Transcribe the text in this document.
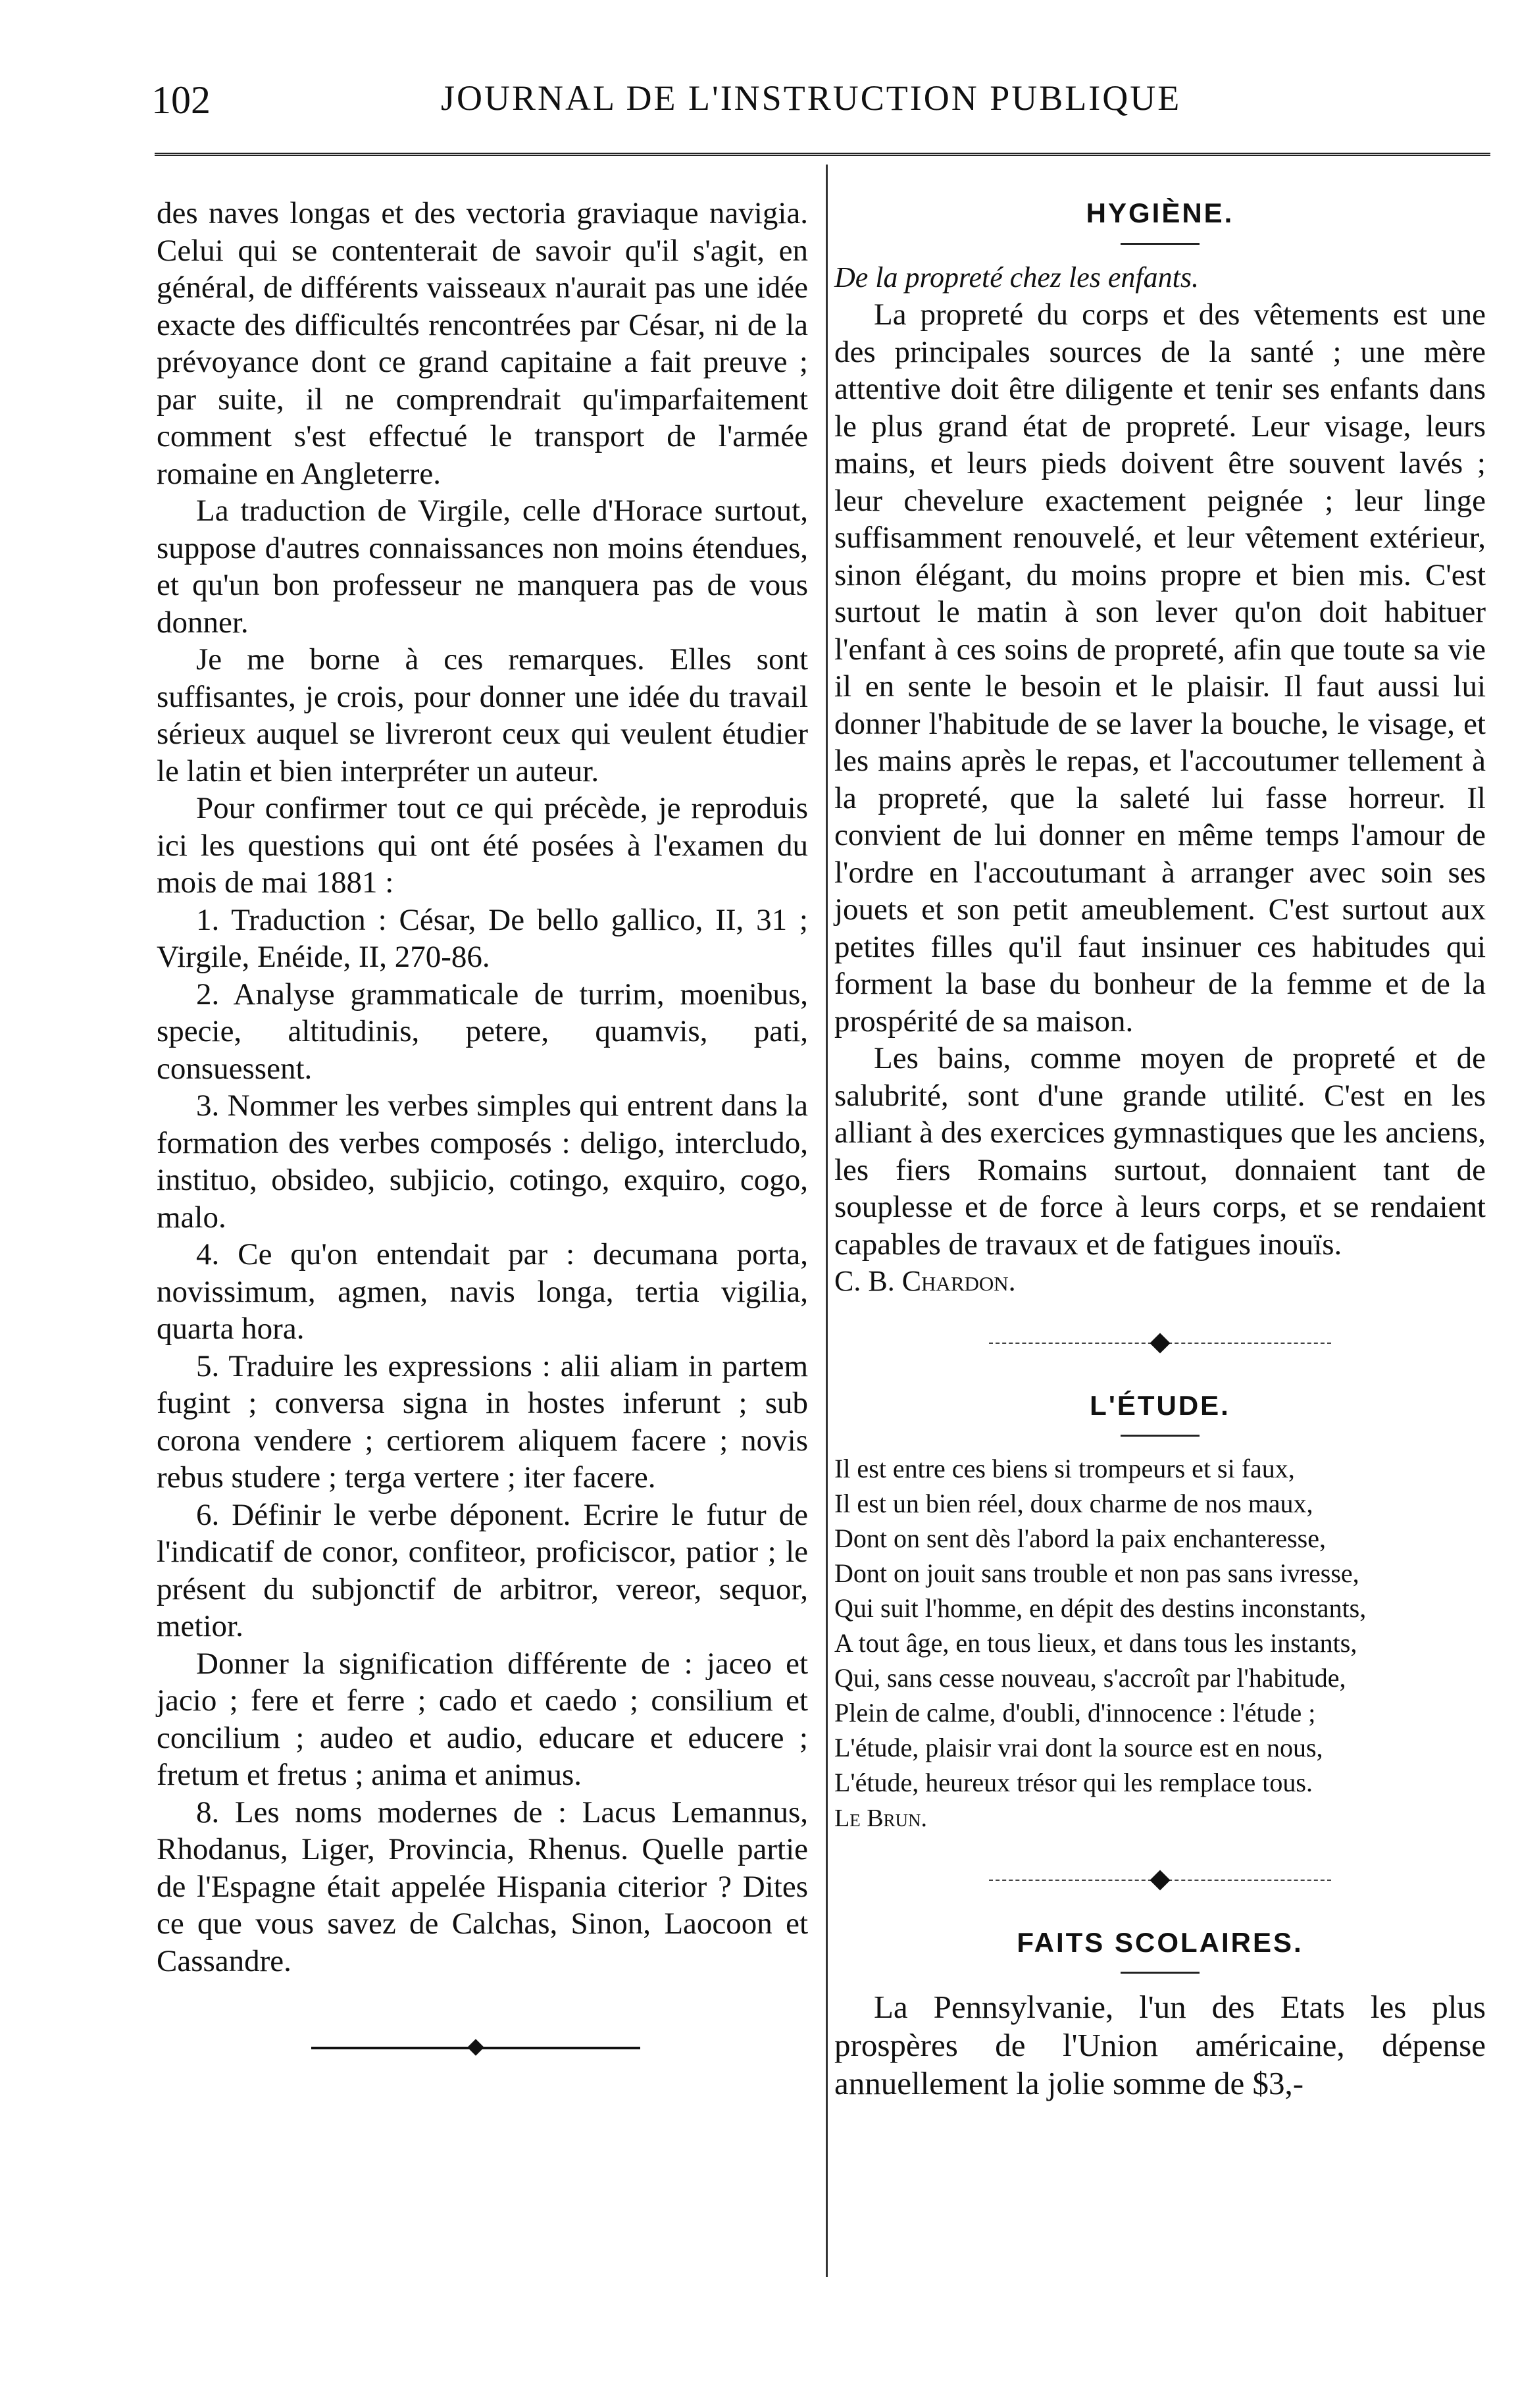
102	JOURNAL DE L'INSTRUCTION PUBLIQUE

des naves longas et des vectoria graviaque navigia. Celui qui se contenterait de savoir qu'il s'agit, en général, de différents vaisseaux n'aurait pas une idée exacte des difficultés rencontrées par César, ni de la prévoyance dont ce grand capitaine a fait preuve ; par suite, il ne comprendrait qu'imparfaitement comment s'est effectué le transport de l'armée romaine en Angleterre.

La traduction de Virgile, celle d'Horace surtout, suppose d'autres connaissances non moins étendues, et qu'un bon professeur ne manquera pas de vous donner.

Je me borne à ces remarques. Elles sont suffisantes, je crois, pour donner une idée du travail sérieux auquel se livreront ceux qui veulent étudier le latin et bien interpréter un auteur.

Pour confirmer tout ce qui précède, je reproduis ici les questions qui ont été posées à l'examen du mois de mai 1881 :

1. Traduction : César, De bello gallico, II, 31 ; Virgile, Enéide, II, 270-86.

2. Analyse grammaticale de turrim, moenibus, specie, altitudinis, petere, quamvis, pati, consuessent.

3. Nommer les verbes simples qui entrent dans la formation des verbes composés : deligo, intercludo, instituo, obsideo, subjicio, cotingo, exquiro, cogo, malo.

4. Ce qu'on entendait par : decumana porta, novissimum, agmen, navis longa, tertia vigilia, quarta hora.

5. Traduire les expressions : alii aliam in partem fugint ; conversa signa in hostes inferunt ; sub corona vendere ; certiorem aliquem facere ; novis rebus studere ; terga vertere ; iter facere.

6. Définir le verbe déponent. Ecrire le futur de l'indicatif de conor, confiteor, proficiscor, patior ; le présent du subjonctif de arbitror, vereor, sequor, metior.

Donner la signification différente de : jaceo et jacio ; fere et ferre ; cado et caedo ; consilium et concilium ; audeo et audio, educare et educere ; fretum et fretus ; anima et animus.

8. Les noms modernes de : Lacus Lemannus, Rhodanus, Liger, Provincia, Rhenus. Quelle partie de l'Espagne était appelée Hispania citerior ? Dites ce que vous savez de Calchas, Sinon, Laocoon et Cassandre.

HYGIÈNE.

De la propreté chez les enfants.

La propreté du corps et des vêtements est une des principales sources de la santé ; une mère attentive doit être diligente et tenir ses enfants dans le plus grand état de propreté. Leur visage, leurs mains, et leurs pieds doivent être souvent lavés ; leur chevelure exactement peignée ; leur linge suffisamment renouvelé, et leur vêtement extérieur, sinon élégant, du moins propre et bien mis. C'est surtout le matin à son lever qu'on doit habituer l'enfant à ces soins de propreté, afin que toute sa vie il en sente le besoin et le plaisir. Il faut aussi lui donner l'habitude de se laver la bouche, le visage, et les mains après le repas, et l'accoutumer tellement à la propreté, que la saleté lui fasse horreur. Il convient de lui donner en même temps l'amour de l'ordre en l'accoutumant à arranger avec soin ses jouets et son petit ameublement. C'est surtout aux petites filles qu'il faut insinuer ces habitudes qui forment la base du bonheur de la femme et de la prospérité de sa maison.

Les bains, comme moyen de propreté et de salubrité, sont d'une grande utilité. C'est en les alliant à des exercices gymnastiques que les anciens, les fiers Romains surtout, donnaient tant de souplesse et de force à leurs corps, et se rendaient capables de travaux et de fatigues inouïs.

C. B. Chardon.

L'ÉTUDE.

Il est entre ces biens si trompeurs et si faux,

Il est un bien réel, doux charme de nos maux,

Dont on sent dès l'abord la paix enchanteresse,

Dont on jouit sans trouble et non pas sans ivresse,

Qui suit l'homme, en dépit des destins inconstants,

A tout âge, en tous lieux, et dans tous les instants,

Qui, sans cesse nouveau, s'accroît par l'habitude,

Plein de calme, d'oubli, d'innocence : l'étude ;

L'étude, plaisir vrai dont la source est en nous,

L'étude, heureux trésor qui les remplace tous.

Le Brun.

FAITS SCOLAIRES.

La Pennsylvanie, l'un des Etats les plus prospères de l'Union américaine, dépense annuellement la jolie somme de $3,-
